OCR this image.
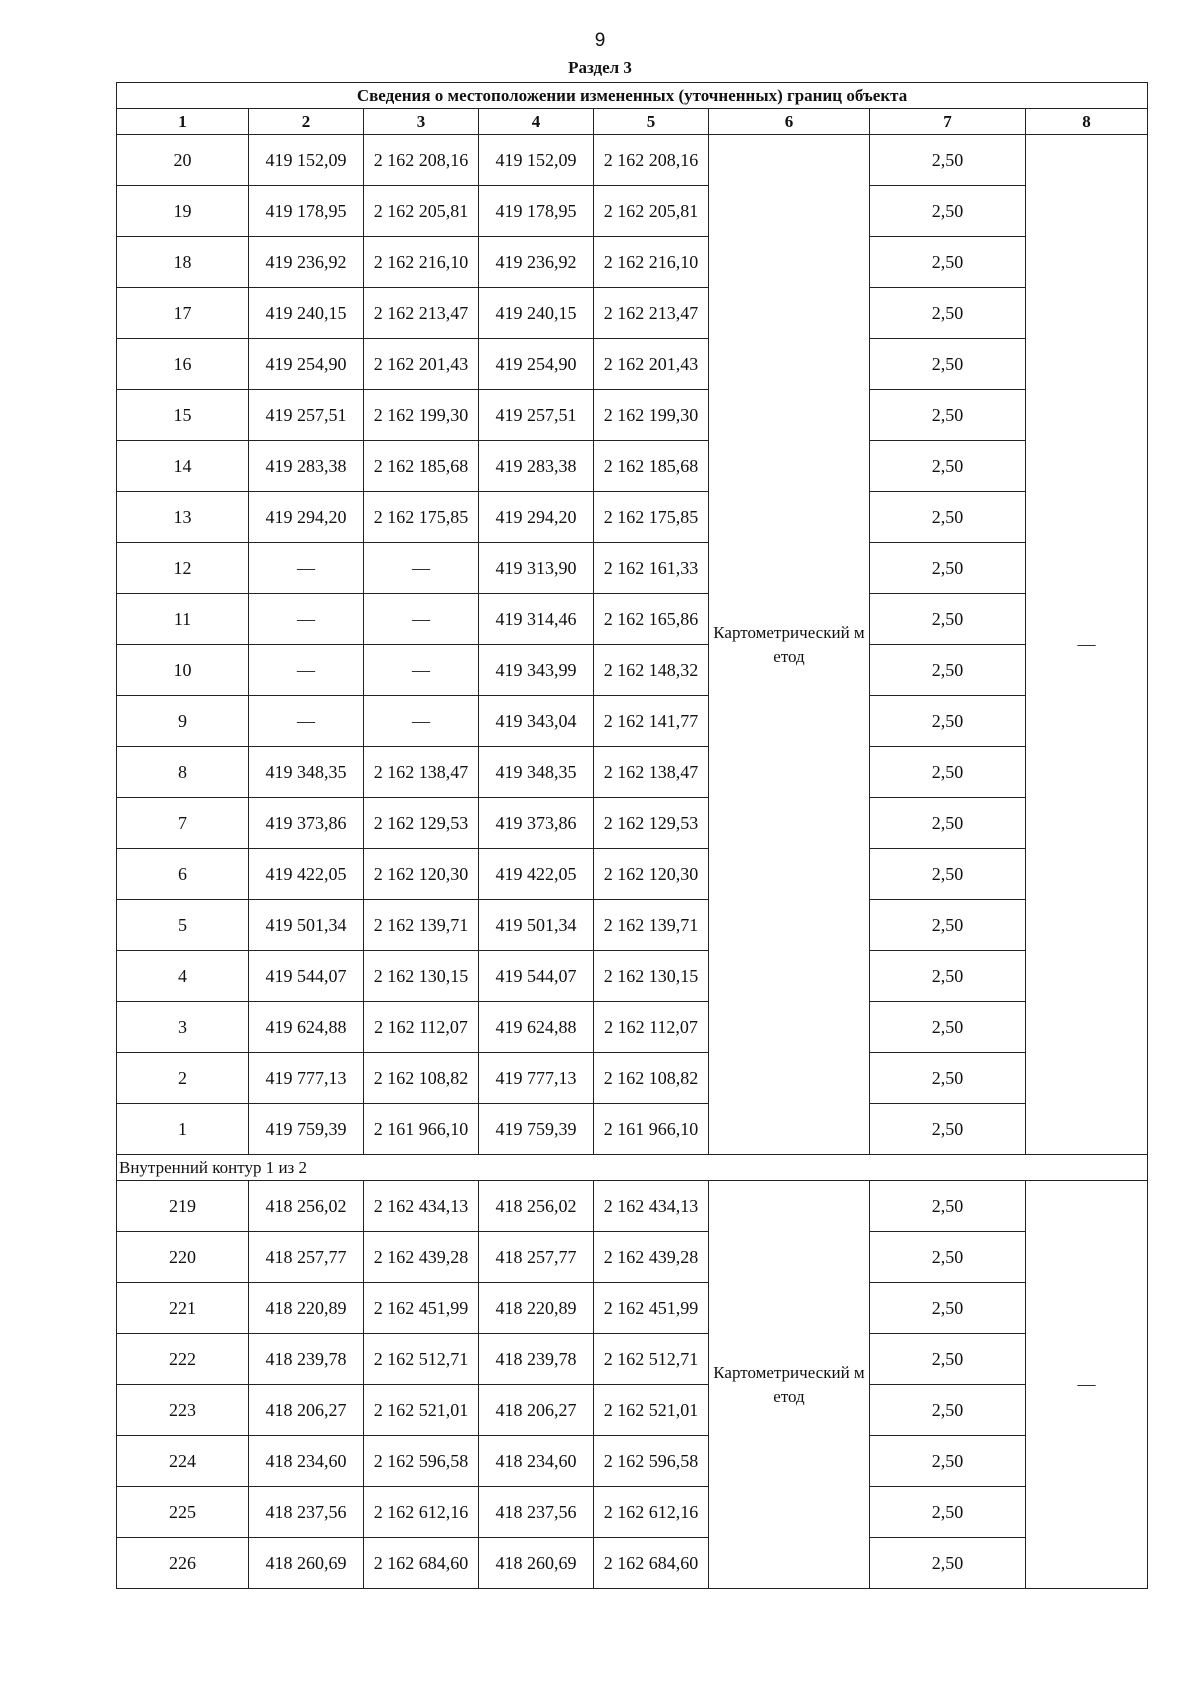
9
Раздел 3
Сведения о местоположении измененных (уточненных) границ объекта							
1	2	3	4	5	6	7	8
20	419 152,09	2 162 208,16	419 152,09	2 162 208,16	Картометрический метод	2,50	—
19	419 178,95	2 162 205,81	419 178,95	2 162 205,81		2,50	
18	419 236,92	2 162 216,10	419 236,92	2 162 216,10		2,50	
17	419 240,15	2 162 213,47	419 240,15	2 162 213,47		2,50	
16	419 254,90	2 162 201,43	419 254,90	2 162 201,43		2,50	
15	419 257,51	2 162 199,30	419 257,51	2 162 199,30		2,50	
14	419 283,38	2 162 185,68	419 283,38	2 162 185,68		2,50	
13	419 294,20	2 162 175,85	419 294,20	2 162 175,85		2,50	
12	—	—	419 313,90	2 162 161,33		2,50	
11	—	—	419 314,46	2 162 165,86		2,50	
10	—	—	419 343,99	2 162 148,32		2,50	
9	—	—	419 343,04	2 162 141,77		2,50	
8	419 348,35	2 162 138,47	419 348,35	2 162 138,47		2,50	
7	419 373,86	2 162 129,53	419 373,86	2 162 129,53		2,50	
6	419 422,05	2 162 120,30	419 422,05	2 162 120,30		2,50	
5	419 501,34	2 162 139,71	419 501,34	2 162 139,71		2,50	
4	419 544,07	2 162 130,15	419 544,07	2 162 130,15		2,50	
3	419 624,88	2 162 112,07	419 624,88	2 162 112,07		2,50	
2	419 777,13	2 162 108,82	419 777,13	2 162 108,82		2,50	
1	419 759,39	2 161 966,10	419 759,39	2 161 966,10		2,50	
Внутренний контур 1 из 2							
219	418 256,02	2 162 434,13	418 256,02	2 162 434,13	Картометрический метод	2,50	—
220	418 257,77	2 162 439,28	418 257,77	2 162 439,28		2,50	
221	418 220,89	2 162 451,99	418 220,89	2 162 451,99		2,50	
222	418 239,78	2 162 512,71	418 239,78	2 162 512,71		2,50	
223	418 206,27	2 162 521,01	418 206,27	2 162 521,01		2,50	
224	418 234,60	2 162 596,58	418 234,60	2 162 596,58		2,50	
225	418 237,56	2 162 612,16	418 237,56	2 162 612,16		2,50	
226	418 260,69	2 162 684,60	418 260,69	2 162 684,60		2,50	
